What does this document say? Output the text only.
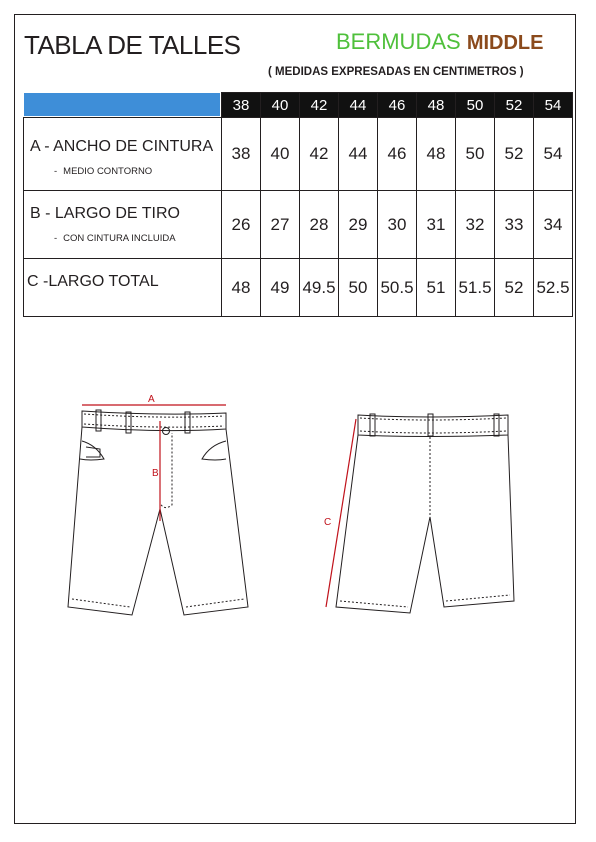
TABLA DE TALLES	BERMUDAS MIDDLE
( MEDIDAS EXPRESADAS EN CENTIMETROS )
	38	40	42	44	46	48	50	52	54

A - ANCHO DE CINTURA
- MEDIO CONTORNO	38	40	42	44	46	48	50	52	54

B - LARGO DE TIRO
- CON CINTURA INCLUIDA	26	27	28	29	30	31	32	33	34

C -LARGO TOTAL	48	49	49.5	50	50.5	51	51.5	52	52.5
A
B
C
